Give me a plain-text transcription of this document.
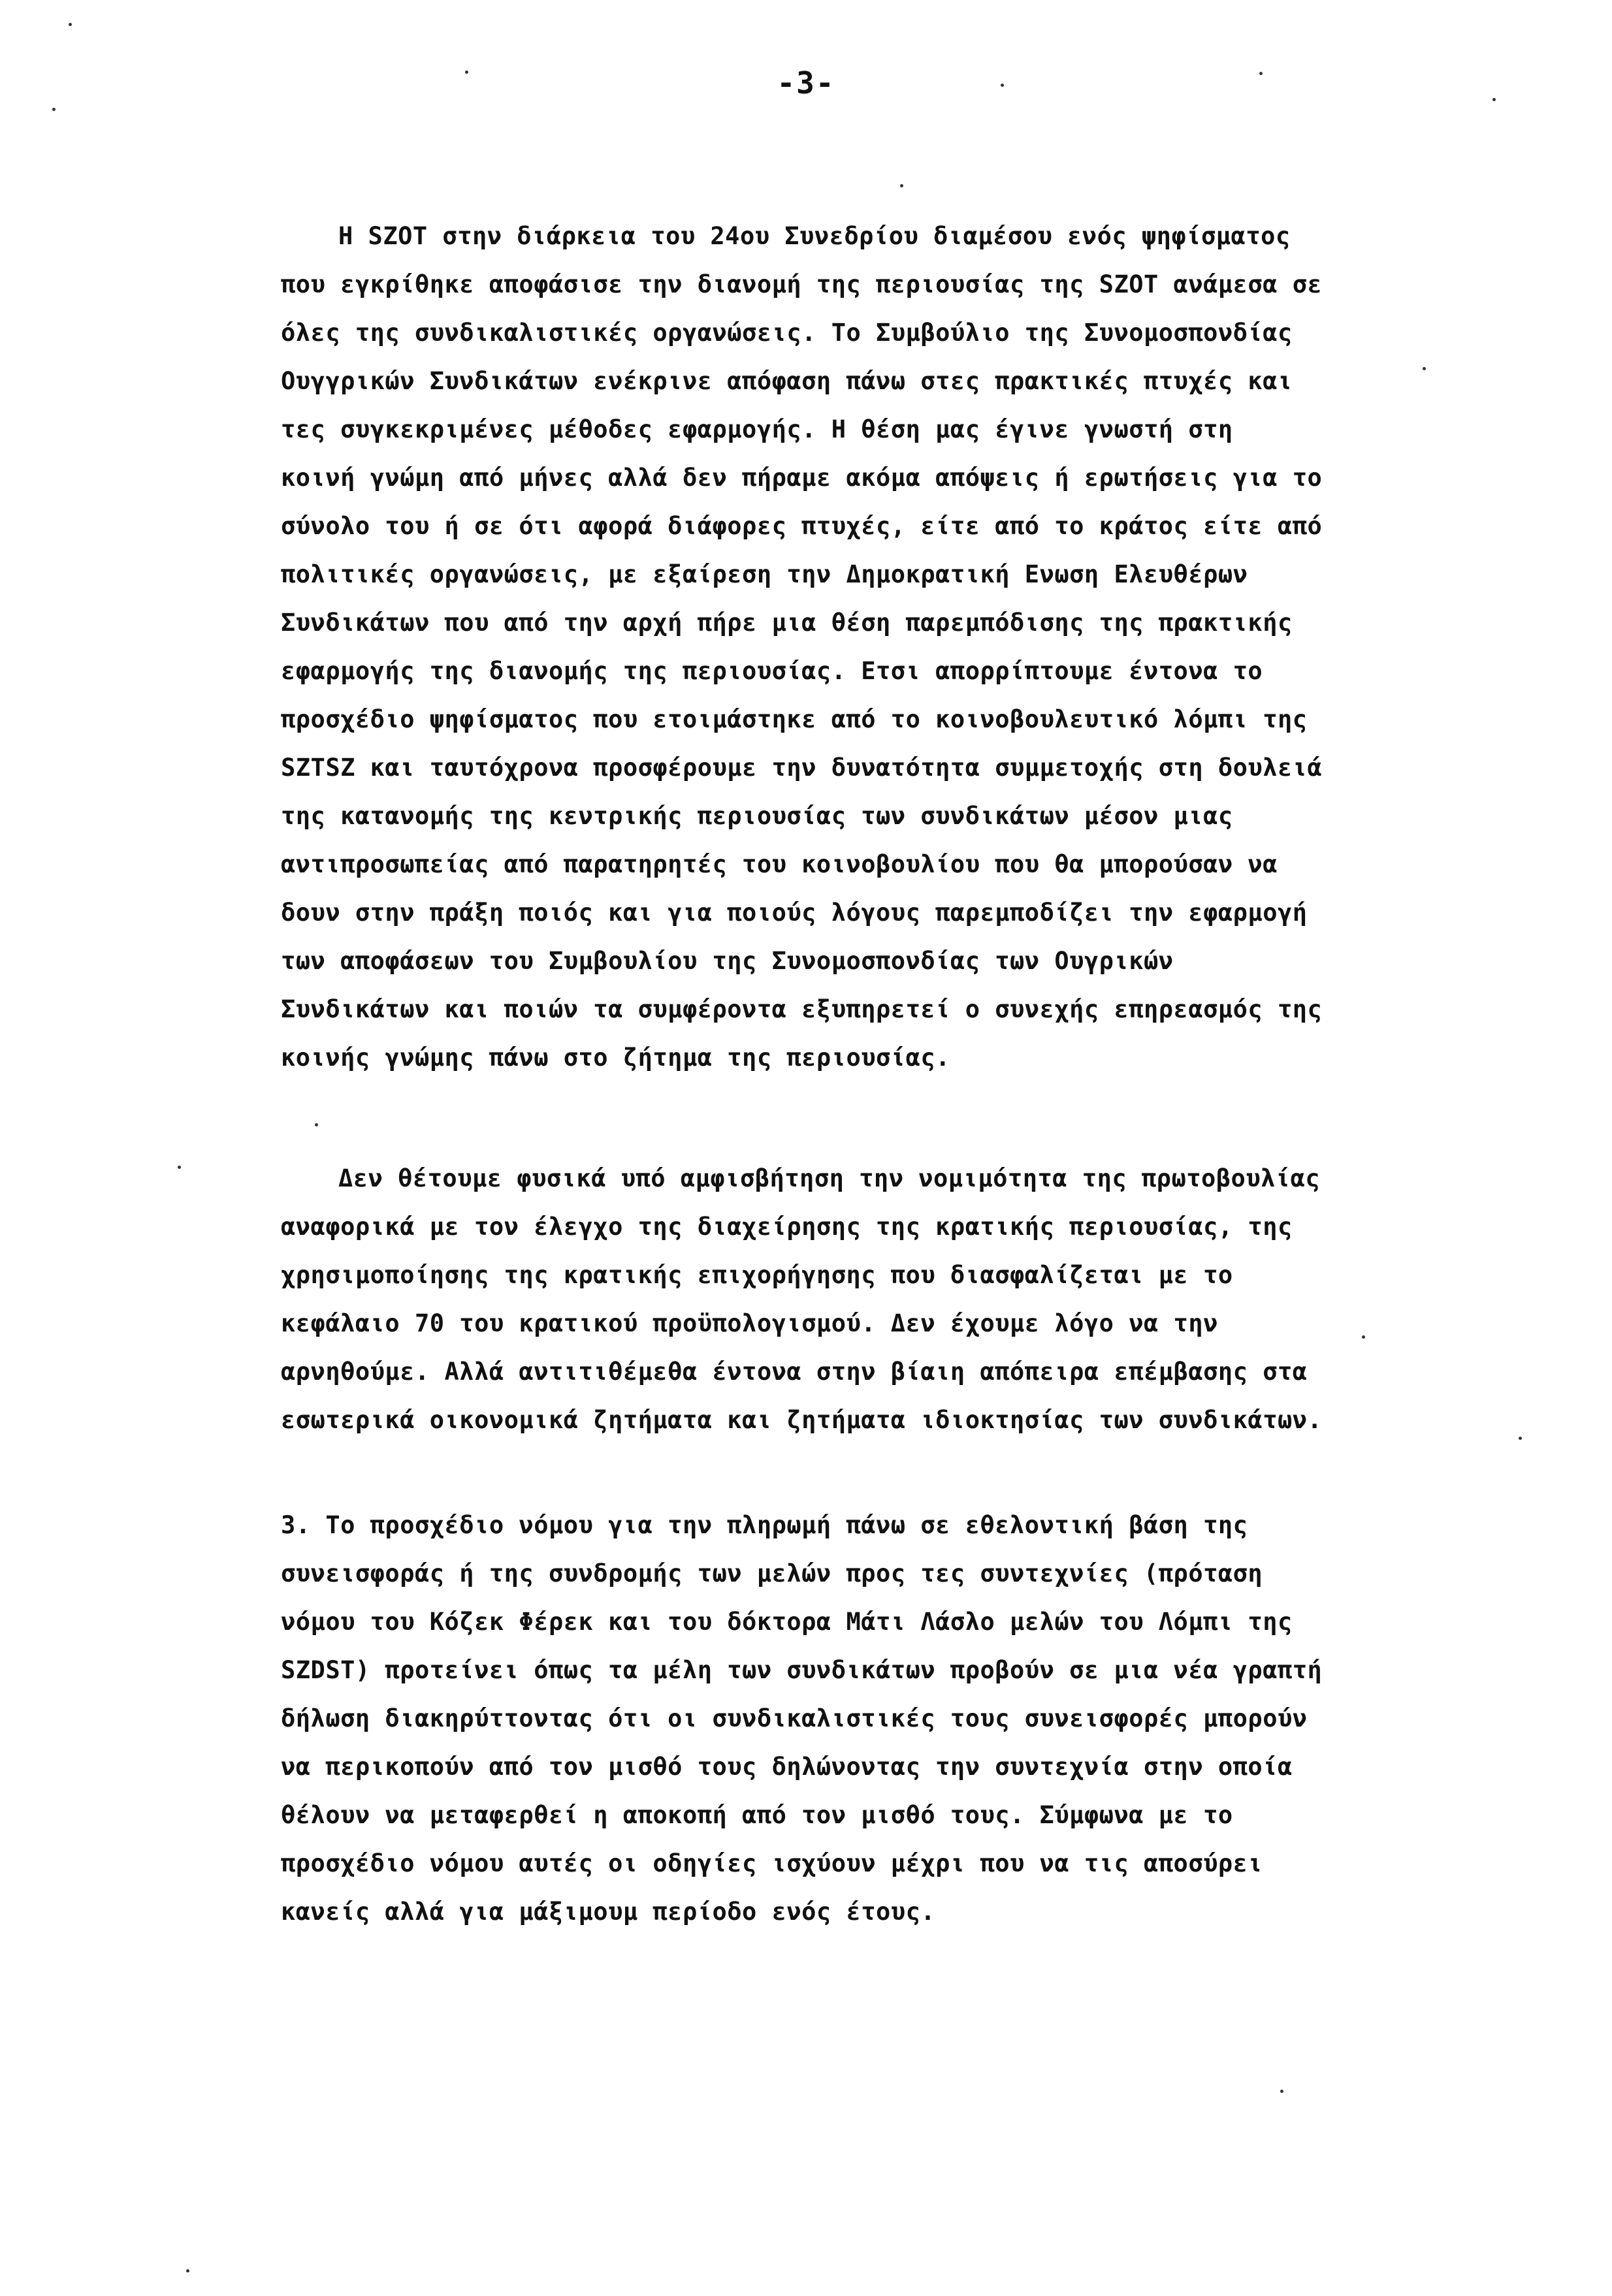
-3-
Η SZOT στην διάρκεια του 24ου Συνεδρίου διαμέσου ενός ψηφίσματος
που εγκρίθηκε αποφάσισε την διανομή της περιουσίας της SZOT ανάμεσα σε
όλες της συνδικαλιστικές οργανώσεις. Το Συμβούλιο της Συνομοσπονδίας
Ουγγρικών Συνδικάτων ενέκρινε απόφαση πάνω στες πρακτικές πτυχές και
τες συγκεκριμένες μέθοδες εφαρμογής. Η θέση μας έγινε γνωστή στη
κοινή γνώμη από μήνες αλλά δεν πήραμε ακόμα απόψεις ή ερωτήσεις για το
σύνολο του ή σε ότι αφορά διάφορες πτυχές, είτε από το κράτος είτε από
πολιτικές οργανώσεις, με εξαίρεση την Δημοκρατική Ενωση Ελευθέρων
Συνδικάτων που από την αρχή πήρε μια θέση παρεμπόδισης της πρακτικής
εφαρμογής της διανομής της περιουσίας. Ετσι απορρίπτουμε έντονα το
προσχέδιο ψηφίσματος που ετοιμάστηκε από το κοινοβουλευτικό λόμπι της
SZTSZ και ταυτόχρονα προσφέρουμε την δυνατότητα συμμετοχής στη δουλειά
της κατανομής της κεντρικής περιουσίας των συνδικάτων μέσον μιας
αντιπροσωπείας από παρατηρητές του κοινοβουλίου που θα μπορούσαν να
δουν στην πράξη ποιός και για ποιούς λόγους παρεμποδίζει την εφαρμογή
των αποφάσεων του Συμβουλίου της Συνομοσπονδίας των Ουγρικών
Συνδικάτων και ποιών τα συμφέροντα εξυπηρετεί ο συνεχής επηρεασμός της
κοινής γνώμης πάνω στο ζήτημα της περιουσίας.
Δεν θέτουμε φυσικά υπό αμφισβήτηση την νομιμότητα της πρωτοβουλίας
αναφορικά με τον έλεγχο της διαχείρησης της κρατικής περιουσίας, της
χρησιμοποίησης της κρατικής επιχορήγησης που διασφαλίζεται με το
κεφάλαιο 70 του κρατικού προϋπολογισμού. Δεν έχουμε λόγο να την
αρνηθούμε. Αλλά αντιτιθέμεθα έντονα στην βίαιη απόπειρα επέμβασης στα
εσωτερικά οικονομικά ζητήματα και ζητήματα ιδιοκτησίας των συνδικάτων.
3. Το προσχέδιο νόμου για την πληρωμή πάνω σε εθελοντική βάση της
συνεισφοράς ή της συνδρομής των μελών προς τες συντεχνίες (πρόταση
νόμου του Κόζεκ Φέρεκ και του δόκτορα Μάτι Λάσλο μελών του Λόμπι της
SZDST) προτείνει όπως τα μέλη των συνδικάτων προβούν σε μια νέα γραπτή
δήλωση διακηρύττοντας ότι οι συνδικαλιστικές τους συνεισφορές μπορούν
να περικοπούν από τον μισθό τους δηλώνοντας την συντεχνία στην οποία
θέλουν να μεταφερθεί η αποκοπή από τον μισθό τους. Σύμφωνα με το
προσχέδιο νόμου αυτές οι οδηγίες ισχύουν μέχρι που να τις αποσύρει
κανείς αλλά για μάξιμουμ περίοδο ενός έτους.
